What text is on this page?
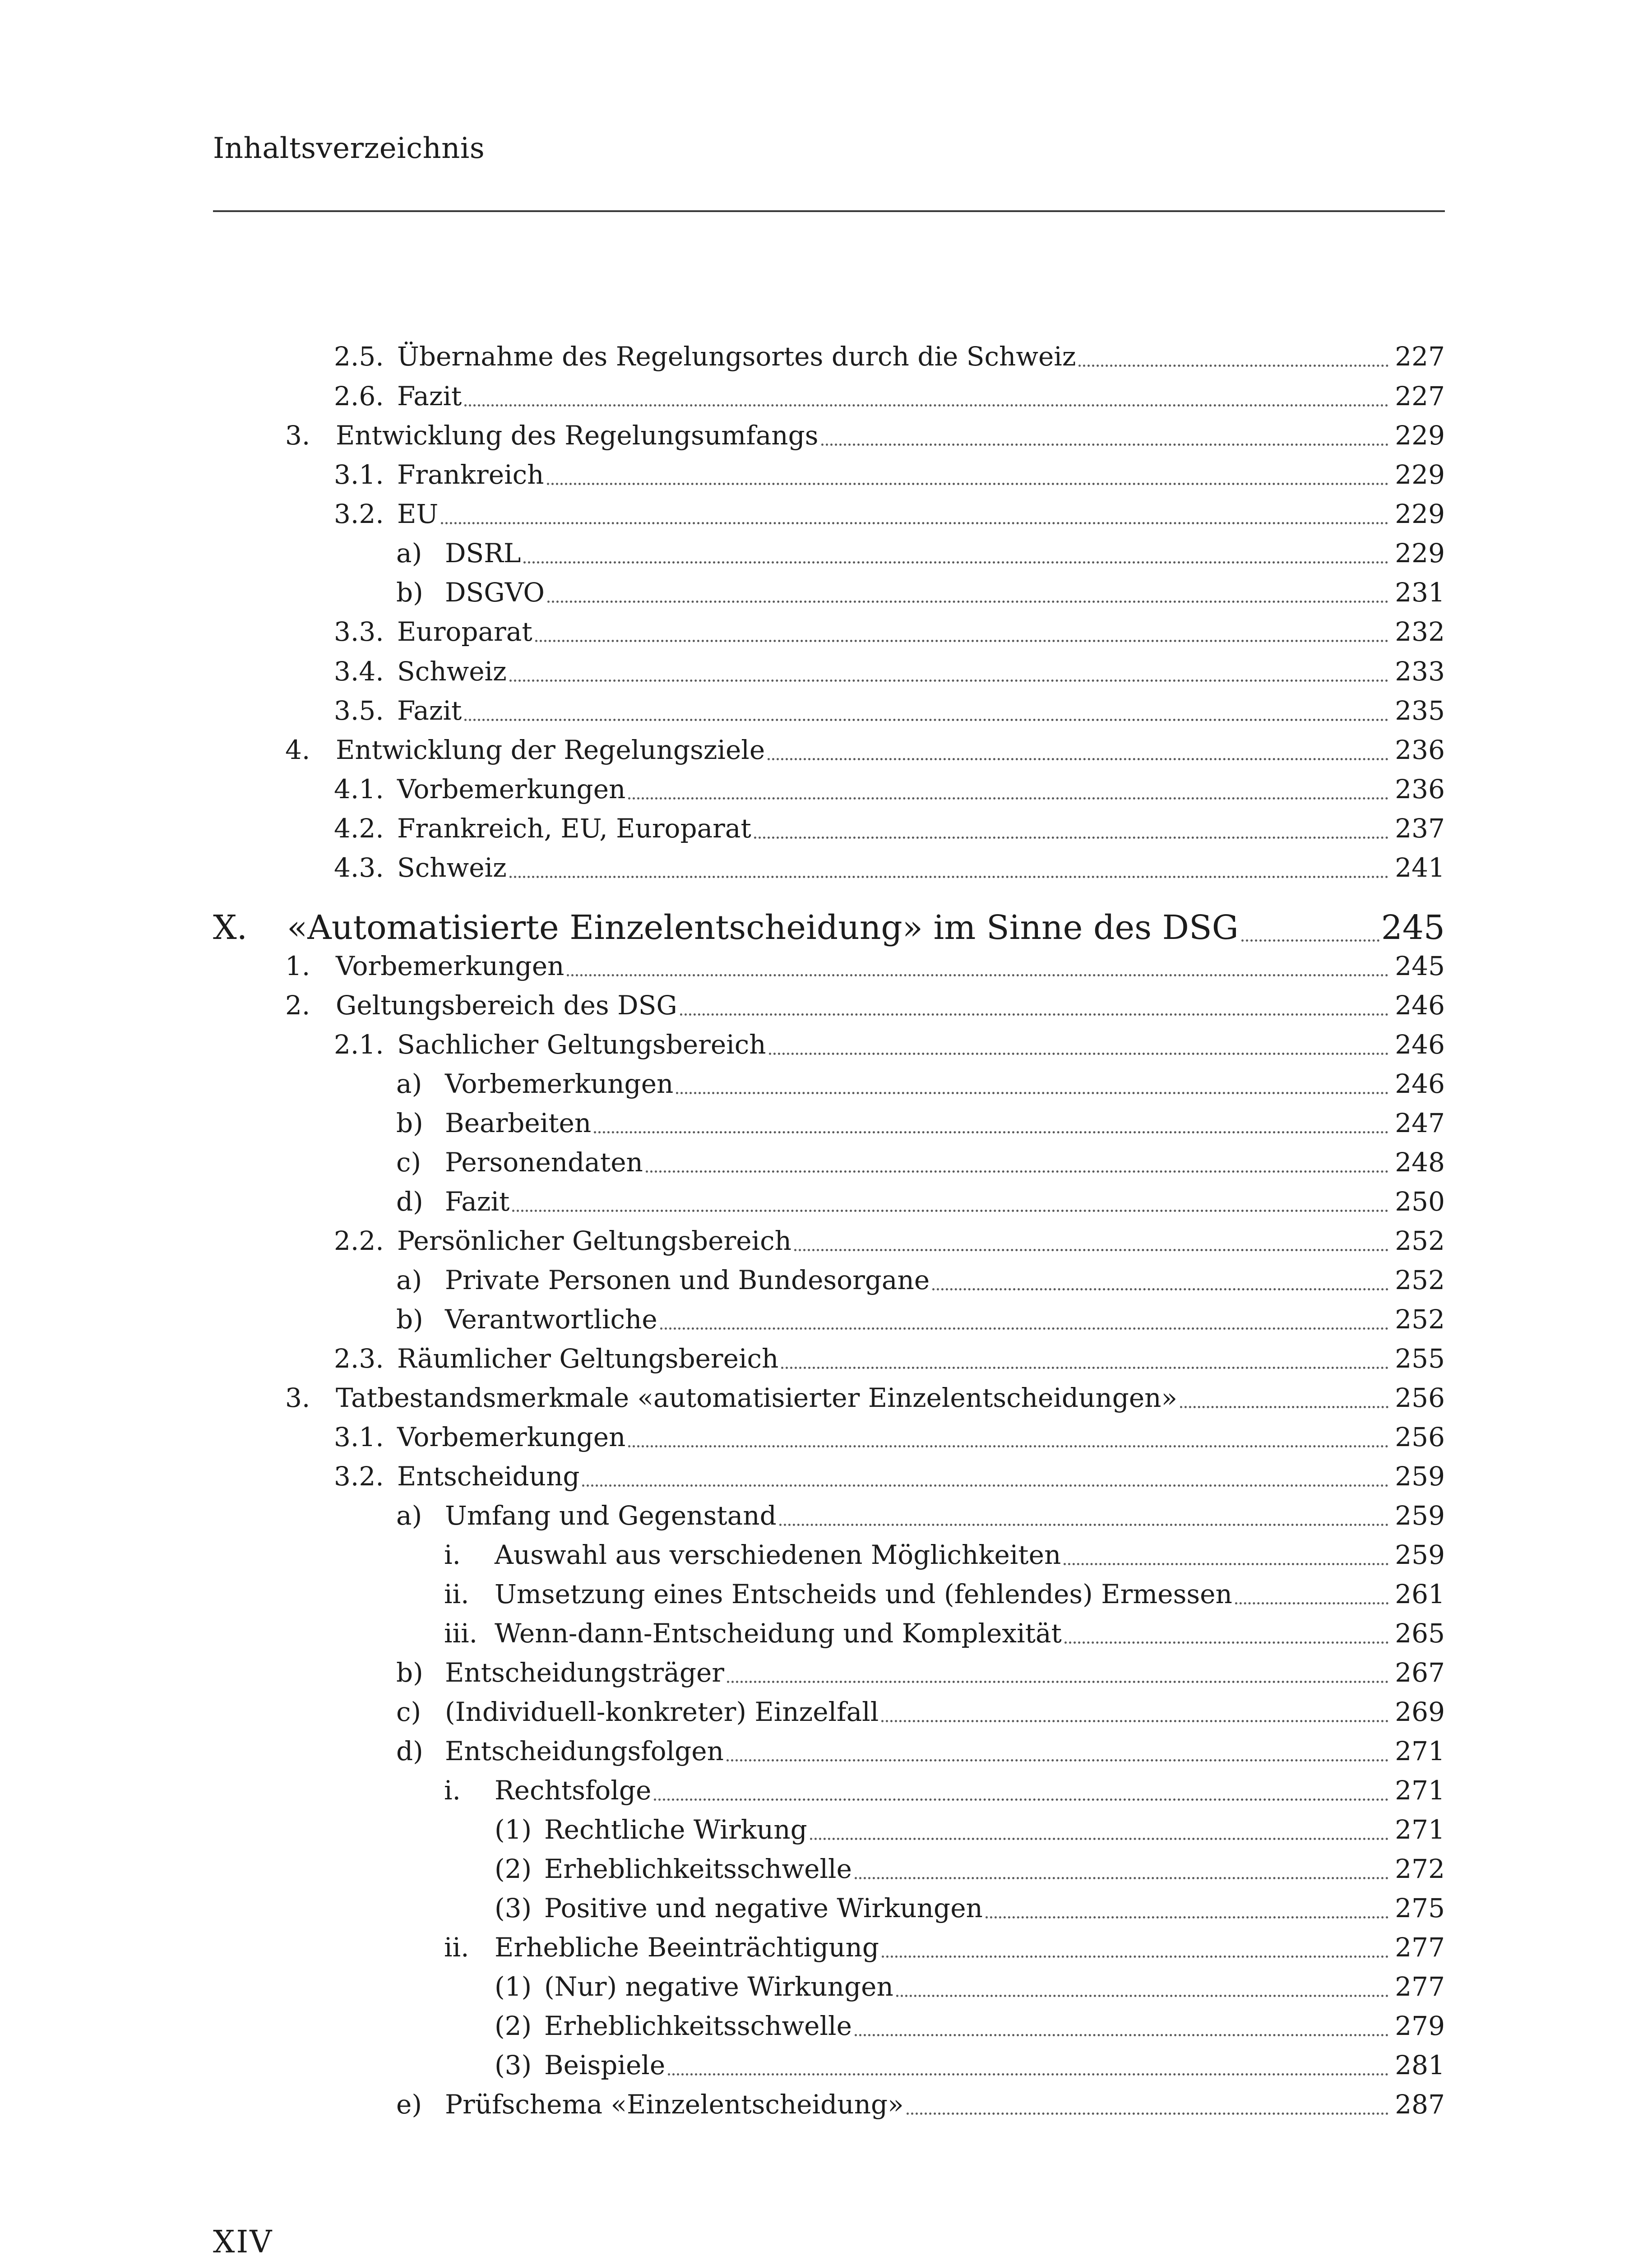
Inhaltsverzeichnis
2.5. Übernahme des Regelungsortes durch die Schweiz	227
2.6. Fazit	227
3. Entwicklung des Regelungsumfangs	229
3.1. Frankreich	229
3.2. EU	229
a) DSRL	229
b) DSGVO	231
3.3. Europarat	232
3.4. Schweiz	233
3.5. Fazit	235
4. Entwicklung der Regelungsziele	236
4.1. Vorbemerkungen	236
4.2. Frankreich, EU, Europarat	237
4.3. Schweiz	241
X. «Automatisierte Einzelentscheidung» im Sinne des DSG	245
1. Vorbemerkungen	245
2. Geltungsbereich des DSG	246
2.1. Sachlicher Geltungsbereich	246
a) Vorbemerkungen	246
b) Bearbeiten	247
c) Personendaten	248
d) Fazit	250
2.2. Persönlicher Geltungsbereich	252
a) Private Personen und Bundesorgane	252
b) Verantwortliche	252
2.3. Räumlicher Geltungsbereich	255
3. Tatbestandsmerkmale «automatisierter Einzelentscheidungen»	256
3.1. Vorbemerkungen	256
3.2. Entscheidung	259
a) Umfang und Gegenstand	259
i. Auswahl aus verschiedenen Möglichkeiten	259
ii. Umsetzung eines Entscheids und (fehlendes) Ermessen	261
iii. Wenn-dann-Entscheidung und Komplexität	265
b) Entscheidungsträger	267
c) (Individuell-konkreter) Einzelfall	269
d) Entscheidungsfolgen	271
i. Rechtsfolge	271
(1) Rechtliche Wirkung	271
(2) Erheblichkeitsschwelle	272
(3) Positive und negative Wirkungen	275
ii. Erhebliche Beeinträchtigung	277
(1) (Nur) negative Wirkungen	277
(2) Erheblichkeitsschwelle	279
(3) Beispiele	281
e) Prüfschema «Einzelentscheidung»	287
XIV
